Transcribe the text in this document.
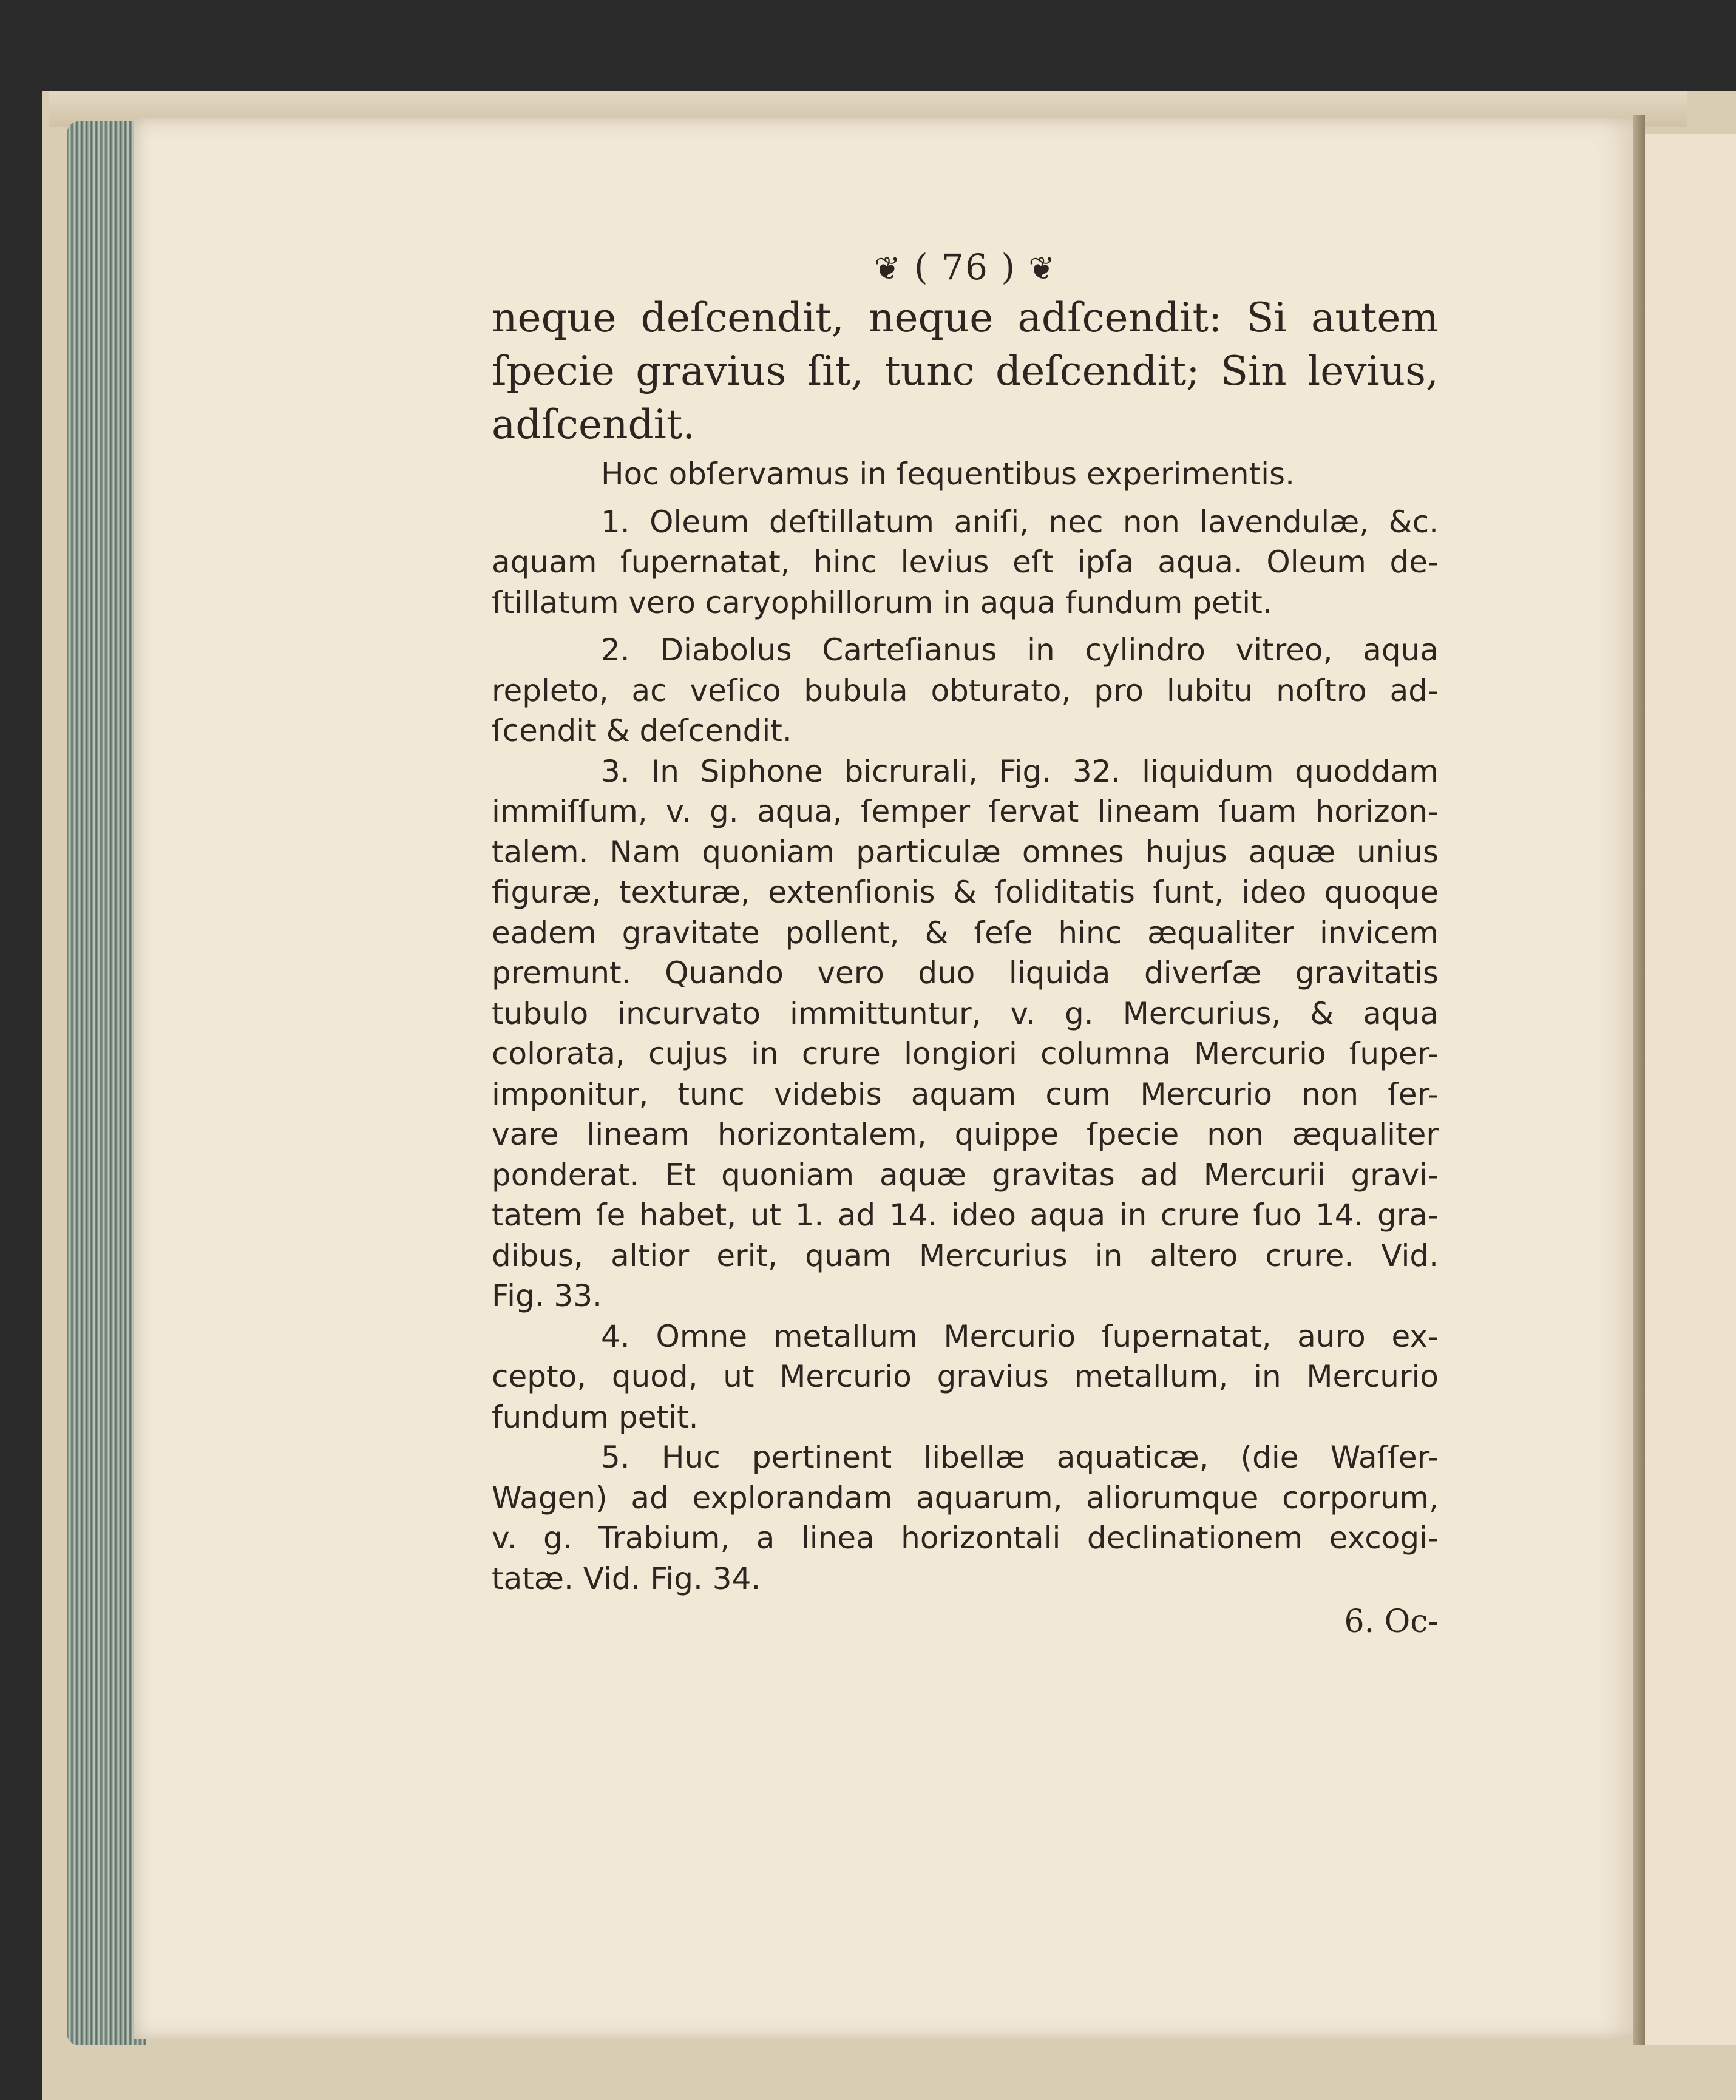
❦ ( 76 ) ❦
neque deſcendit, neque adſcendit: Si autem
ſpecie gravius ſit, tunc deſcendit; Sin levius,
adſcendit.
Hoc obſervamus in ſequentibus experimentis.
1. Oleum deſtillatum aniſi, nec non lavendulæ, &c.
aquam ſupernatat, hinc levius eſt ipſa aqua. Oleum de-
ſtillatum vero caryophillorum in aqua fundum petit.
2. Diabolus Carteſianus in cylindro vitreo, aqua
repleto, ac veſico bubula obturato, pro lubitu noſtro ad-
ſcendit & deſcendit.
3. In Siphone bicrurali, Fig. 32. liquidum quoddam
immiſſum, v. g. aqua, ſemper ſervat lineam ſuam horizon-
talem. Nam quoniam particulæ omnes hujus aquæ unius
figuræ, texturæ, extenſionis & ſoliditatis ſunt, ideo quoque
eadem gravitate pollent, & ſeſe hinc æqualiter invicem
premunt. Quando vero duo liquida diverſæ gravitatis
tubulo incurvato immittuntur, v. g. Mercurius, & aqua
colorata, cujus in crure longiori columna Mercurio ſuper-
imponitur, tunc videbis aquam cum Mercurio non ſer-
vare lineam horizontalem, quippe ſpecie non æqualiter
ponderat. Et quoniam aquæ gravitas ad Mercurii gravi-
tatem ſe habet, ut 1. ad 14. ideo aqua in crure ſuo 14. gra-
dibus, altior erit, quam Mercurius in altero crure. Vid.
Fig. 33.
4. Omne metallum Mercurio ſupernatat, auro ex-
cepto, quod, ut Mercurio gravius metallum, in Mercurio
fundum petit.
5. Huc pertinent libellæ aquaticæ, (die Waſſer-
Wagen) ad explorandam aquarum, aliorumque corporum,
v. g. Trabium, a linea horizontali declinationem excogi-
tatæ. Vid. Fig. 34.
6. Oc-
